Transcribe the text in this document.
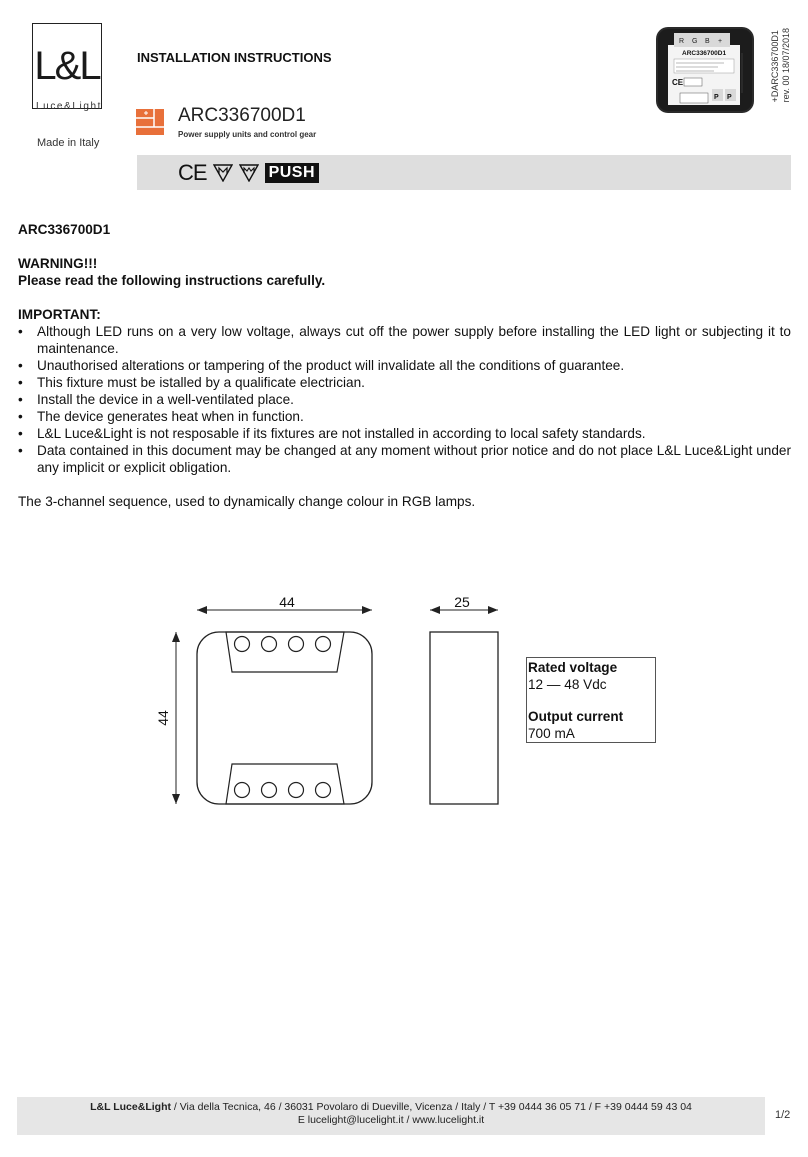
L&L
Luce&Light
Made in Italy
INSTALLATION INSTRUCTIONS
ARC336700D1
Power supply units and control gear
R G B +
ARC336700D1
CE
P P	+DARC336700D1
rev. 00 18/07/2018
CE	PUSH

ARC336700D1

WARNING!!!

Please read the following instructions carefully.

IMPORTANT:

• Although LED runs on a very low voltage, always cut off the power supply before installing the LED light or subjecting it to maintenance.
• Unauthorised alterations or tampering of the product will invalidate all the conditions of guarantee.
• This fixture must be istalled by a qualificate electrician.
• Install the device in a well-ventilated place.
• The device generates heat when in function.
• L&L Luce&Light is not resposable if its fixtures are not installed in according to local safety standards.
• Data contained in this document may be changed at any moment without prior notice and do not place L&L Luce&Light under any implicit or explicit obligation.

The 3-channel sequence, used to dynamically change colour in RGB lamps.

44
44
25
Rated voltage
12 — 48 Vdc
Output current
700 mA
L&L Luce&Light / Via della Tecnica, 46 / 36031 Povolaro di Dueville, Vicenza / Italy / T +39 0444 36 05 71 / F +39 0444 59 43 04
E lucelight@lucelight.it / www.lucelight.it	1/2
